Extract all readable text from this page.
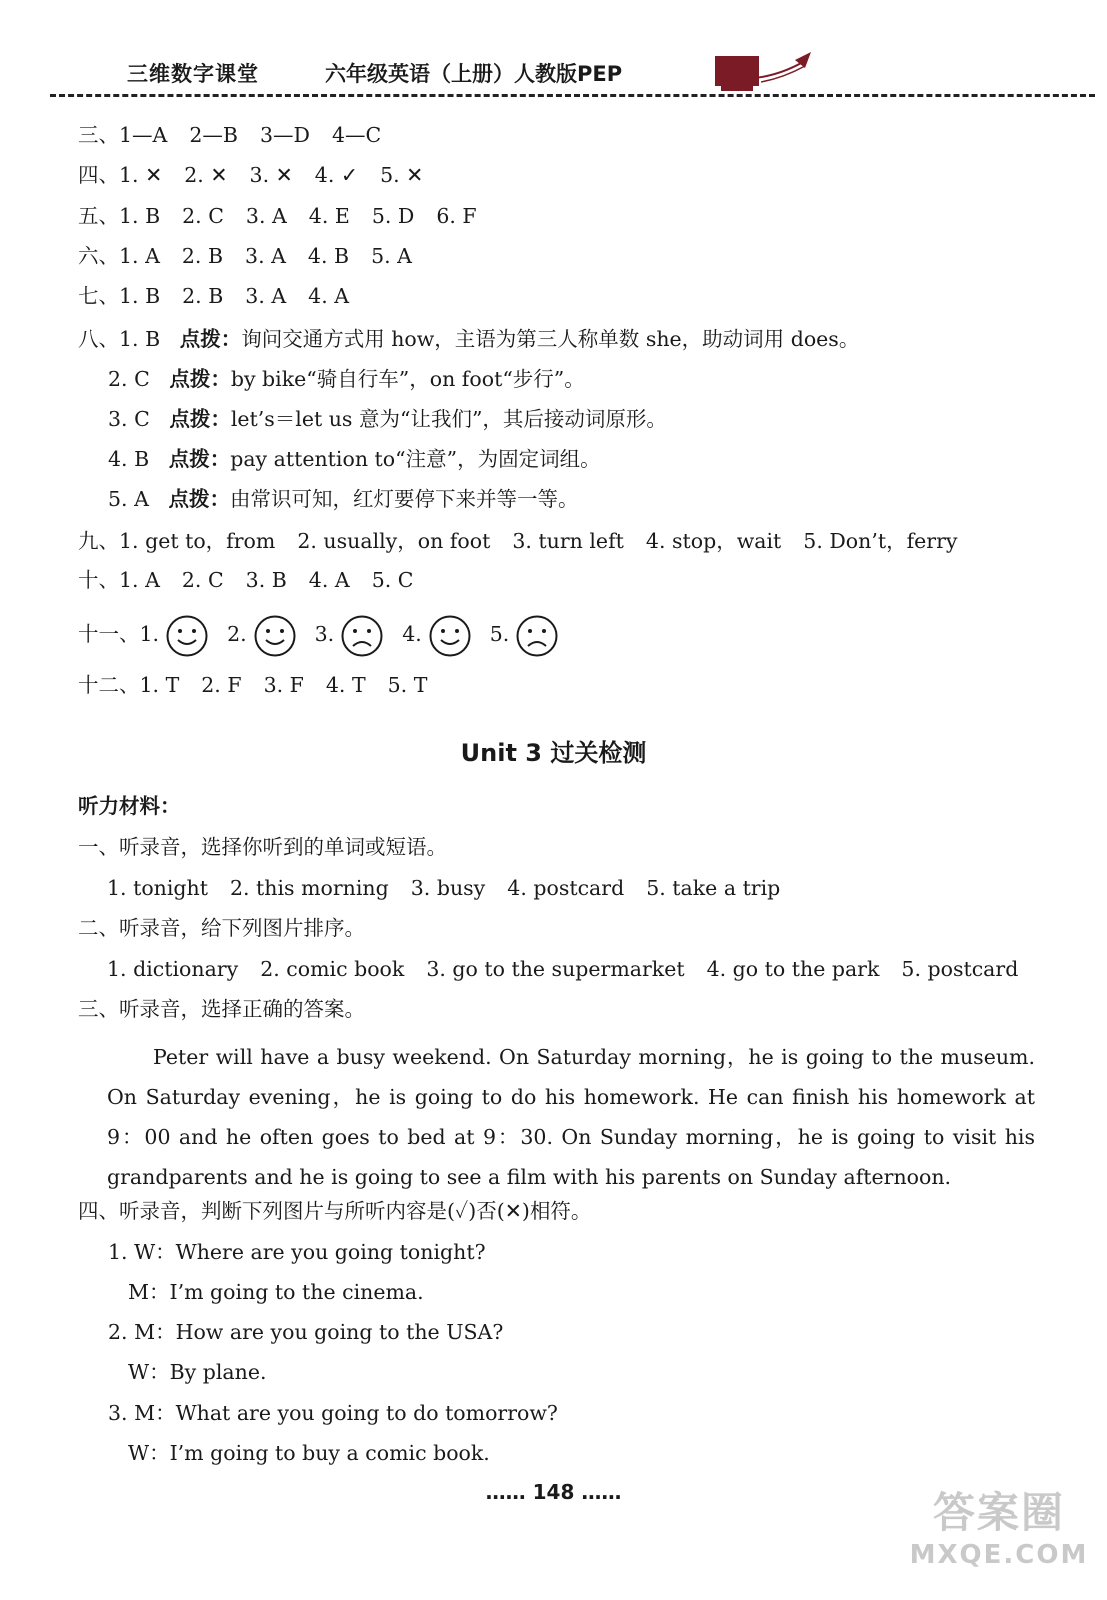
三维数字课堂	六年级英语（上册）人教版PEP
三、1—A 2—B 3—D 4—C
四、1. ✕ 2. ✕ 3. ✕ 4. ✓ 5. ✕
五、1. B 2. C 3. A 4. E 5. D 6. F
六、1. A 2. B 3. A 4. B 5. A
七、1. B 2. B 3. A 4. A
八、1. B 点拨：询问交通方式用 how，主语为第三人称单数 she，助动词用 does。
2. C 点拨：by bike“骑自行车”，on foot“步行”。
3. C 点拨：let’s＝let us 意为“让我们”，其后接动词原形。
4. B 点拨：pay attention to“注意”，为固定词组。
5. A 点拨：由常识可知，红灯要停下来并等一等。
九、1. get to，from 2. usually，on foot 3. turn left 4. stop，wait 5. Don’t，ferry
十、1. A 2. C 3. B 4. A 5. C
十一、1.	2.	3.	4.	5.
十二、1. T 2. F 3. F 4. T 5. T
Unit 3 过关检测
听力材料：
一、听录音，选择你听到的单词或短语。
1. tonight 2. this morning 3. busy 4. postcard 5. take a trip
二、听录音，给下列图片排序。
1. dictionary 2. comic book 3. go to the supermarket 4. go to the park 5. postcard
三、听录音，选择正确的答案。
Peter will have a busy weekend. On Saturday morning，he is going to the museum. On Saturday evening，he is going to do his homework. He can finish his homework at 9：00 and he often goes to bed at 9：30. On Sunday morning，he is going to visit his grandparents and he is going to see a film with his parents on Sunday afternoon.
四、听录音，判断下列图片与所听内容是(✓)否(✕)相符。
1. W：Where are you going tonight?
M：I’m going to the cinema.
2. M：How are you going to the USA?
W：By plane.
3. M：What are you going to do tomorrow?
W：I’m going to buy a comic book.
…… 148 ……	答案圈
MXQE.COM
